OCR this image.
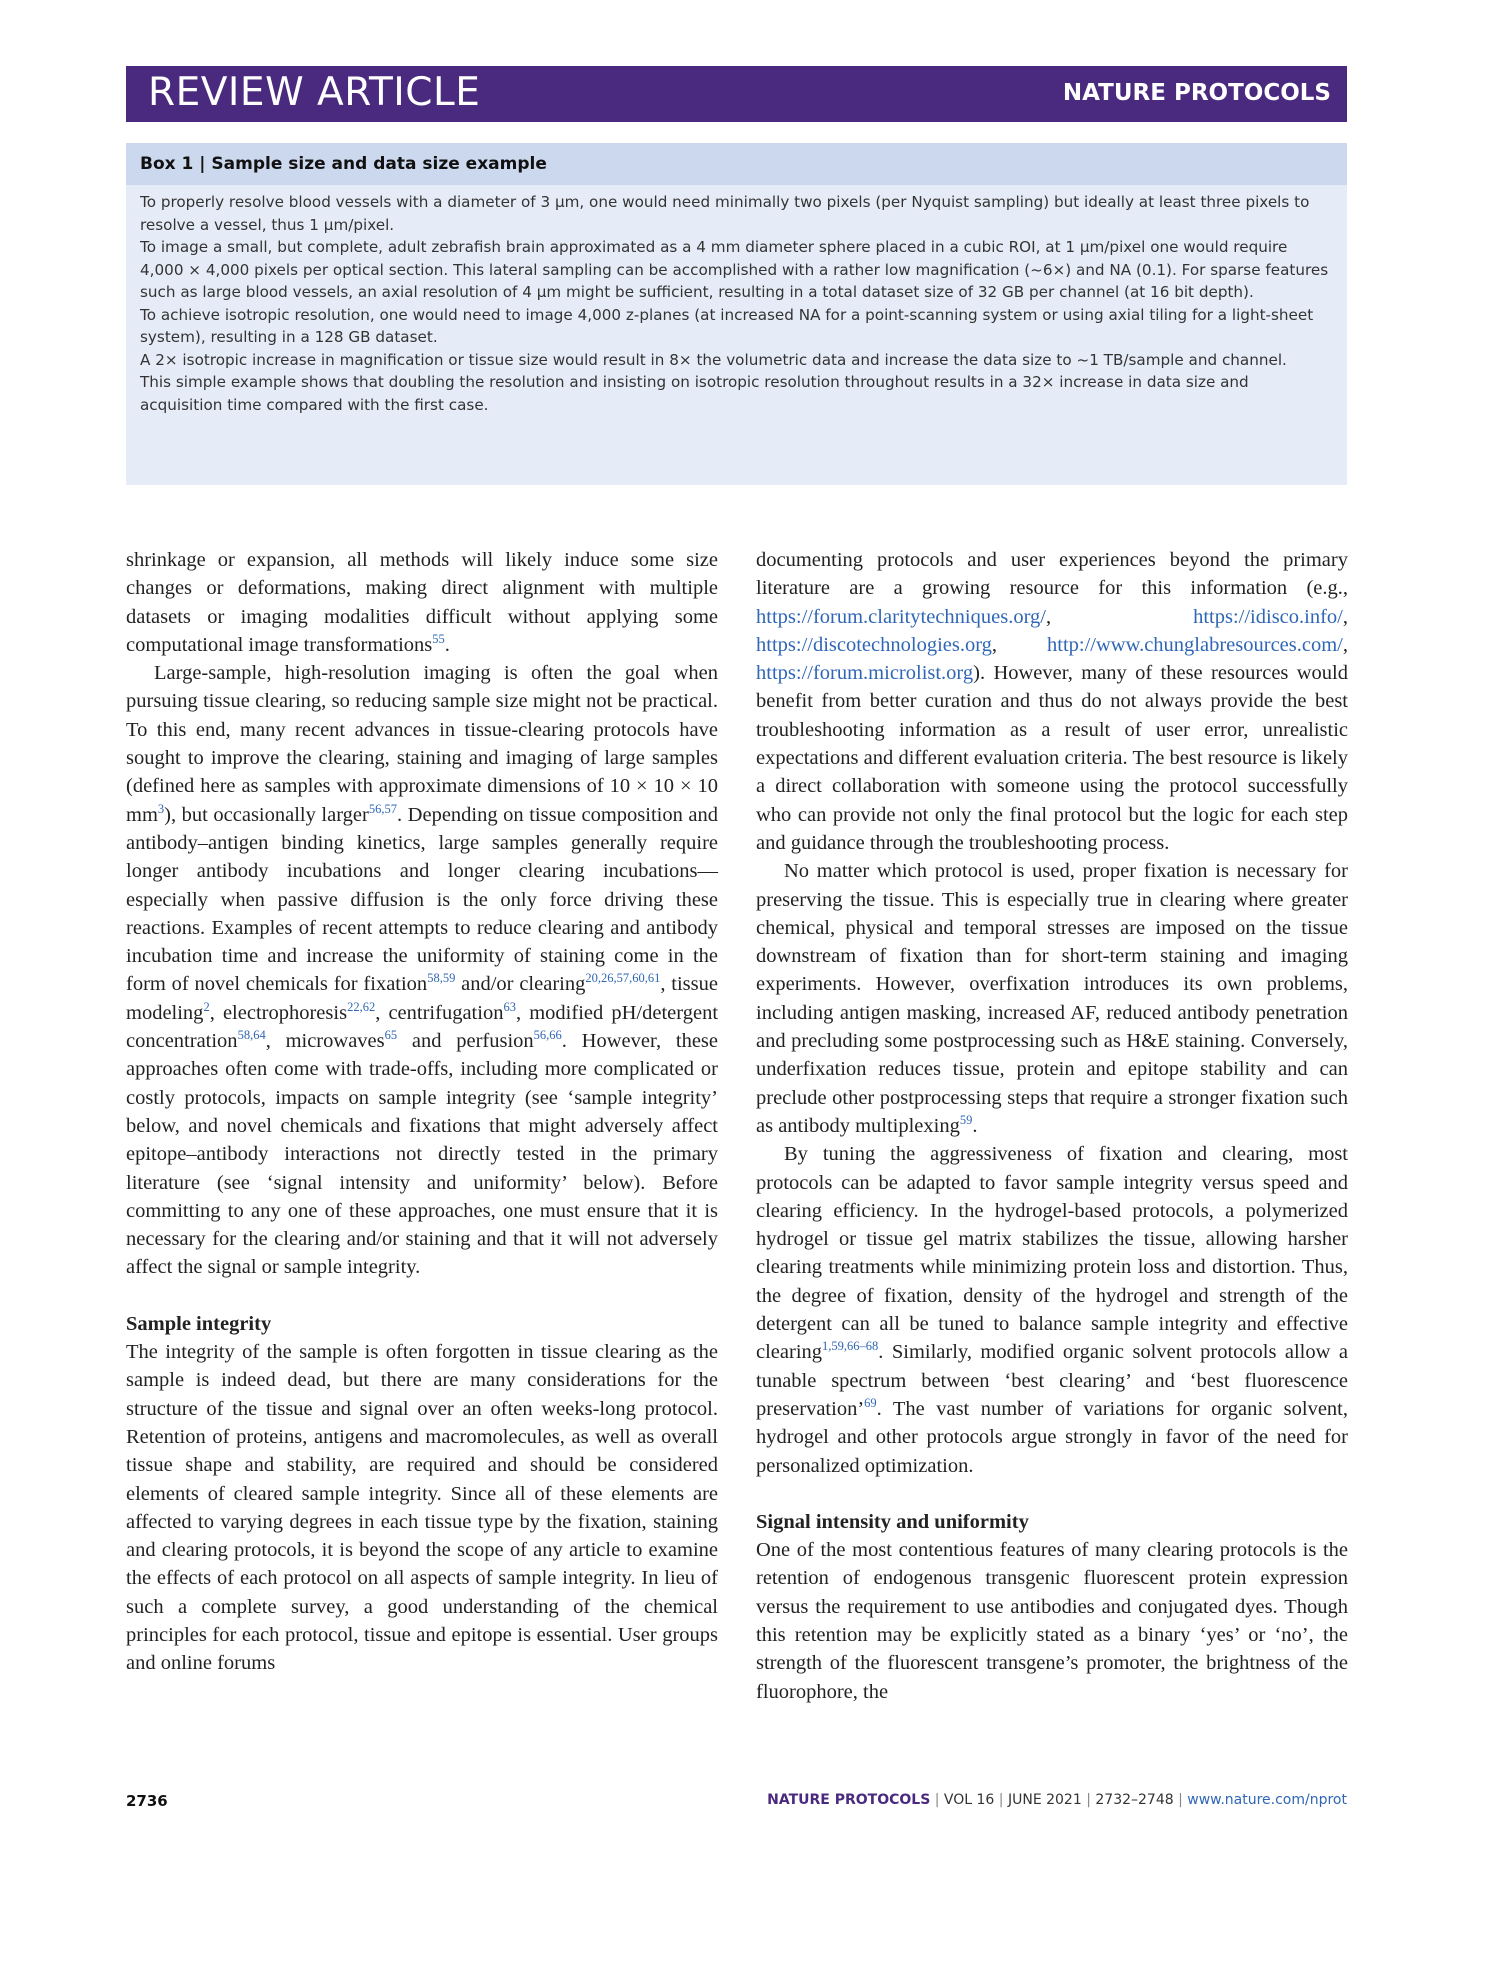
REVIEW ARTICLE	NATURE PROTOCOLS
Box 1 | Sample size and data size example

To properly resolve blood vessels with a diameter of 3 μm, one would need minimally two pixels (per Nyquist sampling) but ideally at least three pixels to resolve a vessel, thus 1 μm/pixel.

To image a small, but complete, adult zebrafish brain approximated as a 4 mm diameter sphere placed in a cubic ROI, at 1 μm/pixel one would require 4,000 × 4,000 pixels per optical section. This lateral sampling can be accomplished with a rather low magnification (~6×) and NA (0.1). For sparse features such as large blood vessels, an axial resolution of 4 μm might be sufficient, resulting in a total dataset size of 32 GB per channel (at 16 bit depth).

To achieve isotropic resolution, one would need to image 4,000 z-planes (at increased NA for a point-scanning system or using axial tiling for a light-sheet system), resulting in a 128 GB dataset.

A 2× isotropic increase in magnification or tissue size would result in 8× the volumetric data and increase the data size to ~1 TB/sample and channel.

This simple example shows that doubling the resolution and insisting on isotropic resolution throughout results in a 32× increase in data size and acquisition time compared with the first case.

shrinkage or expansion, all methods will likely induce some size changes or deformations, making direct alignment with multiple datasets or imaging modalities difficult without applying some computational image transformations$^{55}$.

Large-sample, high-resolution imaging is often the goal when pursuing tissue clearing, so reducing sample size might not be practical. To this end, many recent advances in tissue-clearing protocols have sought to improve the clearing, staining and imaging of large samples (defined here as samples with approximate dimensions of 10 × 10 × 10 $mm^3$), but occasionally larger$^{56,57}$. Depending on tissue composition and antibody–antigen binding kinetics, large samples generally require longer antibody incubations and longer clearing incubations—especially when passive diffusion is the only force driving these reactions. Examples of recent attempts to reduce clearing and antibody incubation time and increase the uniformity of staining come in the form of novel chemicals for fixation$^{58,59}$ and/or clearing$^{20,26,57,60,61}$, tissue modeling$^2$, electrophoresis$^{22,62}$, centrifugation$^{63}$, modified pH/detergent concentration$^{58,64}$, microwaves$^{65}$ and perfusion$^{56,66}$. However, these approaches often come with trade-offs, including more complicated or costly protocols, impacts on sample integrity (see ‘sample integrity’ below, and novel chemicals and fixations that might adversely affect epitope–antibody interactions not directly tested in the primary literature (see ‘signal intensity and uniformity’ below). Before committing to any one of these approaches, one must ensure that it is necessary for the clearing and/or staining and that it will not adversely affect the signal or sample integrity.

Sample integrity

The integrity of the sample is often forgotten in tissue clearing as the sample is indeed dead, but there are many considerations for the structure of the tissue and signal over an often weeks-long protocol. Retention of proteins, antigens and macromolecules, as well as overall tissue shape and stability, are required and should be considered elements of cleared sample integrity. Since all of these elements are affected to varying degrees in each tissue type by the fixation, staining and clearing protocols, it is beyond the scope of any article to examine the effects of each protocol on all aspects of sample integrity. In lieu of such a complete survey, a good understanding of the chemical principles for each protocol, tissue and epitope is essential. User groups and online forums

documenting protocols and user experiences beyond the primary literature are a growing resource for this information (e.g., https://forum.claritytechniques.org/, https://idisco.info/, https://discotechnologies.org, http://www.chunglabresources.com/, https://forum.microlist.org). However, many of these resources would benefit from better curation and thus do not always provide the best troubleshooting information as a result of user error, unrealistic expectations and different evaluation criteria. The best resource is likely a direct collaboration with someone using the protocol successfully who can provide not only the final protocol but the logic for each step and guidance through the troubleshooting process.

No matter which protocol is used, proper fixation is necessary for preserving the tissue. This is especially true in clearing where greater chemical, physical and temporal stresses are imposed on the tissue downstream of fixation than for short-term staining and imaging experiments. However, overfixation introduces its own problems, including antigen masking, increased AF, reduced antibody penetration and precluding some postprocessing such as H&E staining. Conversely, underfixation reduces tissue, protein and epitope stability and can preclude other postprocessing steps that require a stronger fixation such as antibody multiplexing$^{59}$.

By tuning the aggressiveness of fixation and clearing, most protocols can be adapted to favor sample integrity versus speed and clearing efficiency. In the hydrogel-based protocols, a polymerized hydrogel or tissue gel matrix stabilizes the tissue, allowing harsher clearing treatments while minimizing protein loss and distortion. Thus, the degree of fixation, density of the hydrogel and strength of the detergent can all be tuned to balance sample integrity and effective clearing$^{1,59,66-68}$. Similarly, modified organic solvent protocols allow a tunable spectrum between ‘best clearing’ and ‘best fluorescence preservation’$^{69}$. The vast number of variations for organic solvent, hydrogel and other protocols argue strongly in favor of the need for personalized optimization.

Signal intensity and uniformity

One of the most contentious features of many clearing protocols is the retention of endogenous transgenic fluorescent protein expression versus the requirement to use antibodies and conjugated dyes. Though this retention may be explicitly stated as a binary ‘yes’ or ‘no’, the strength of the fluorescent transgene’s promoter, the brightness of the fluorophore, the

2736	NATURE PROTOCOLS | VOL 16 | JUNE 2021 | 2732–2748 | www.nature.com/nprot
